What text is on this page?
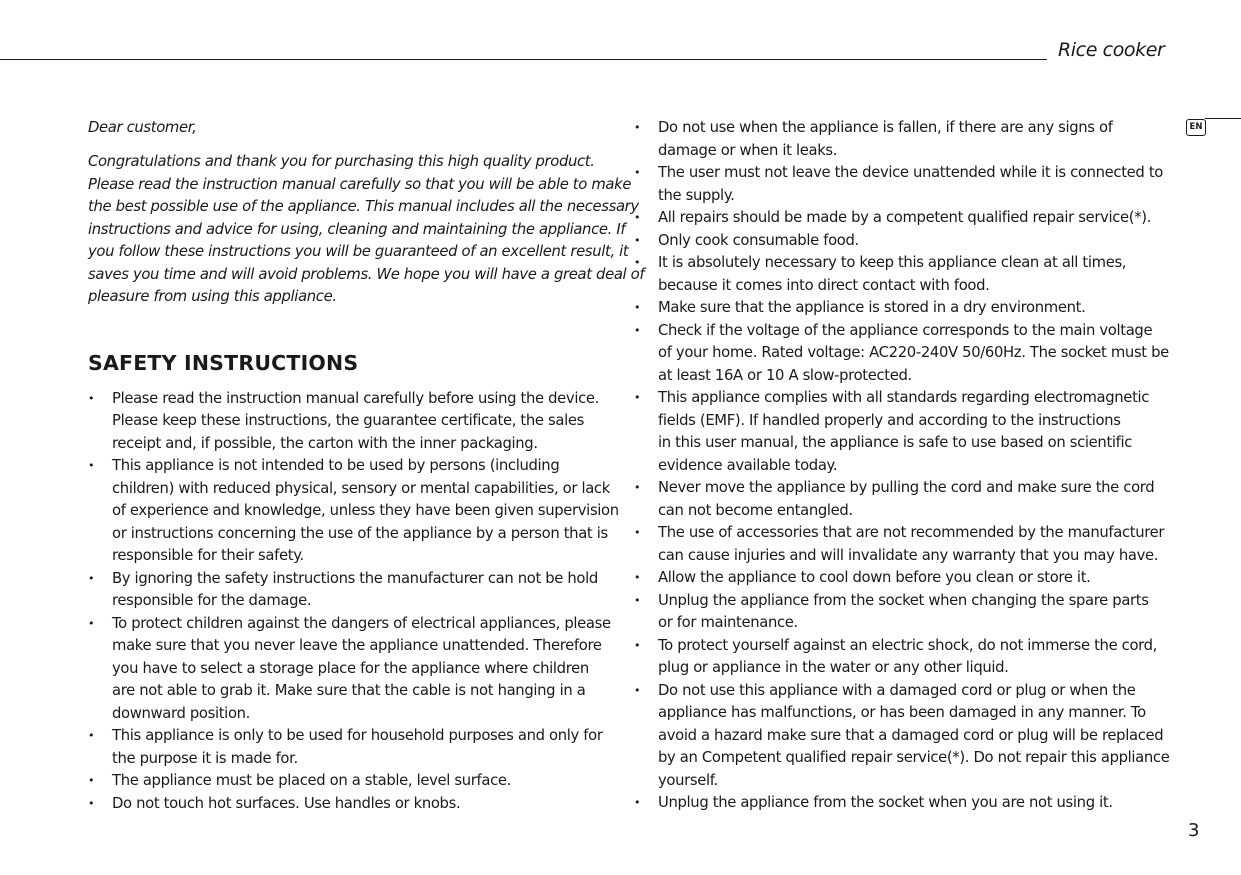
Rice cooker
EN

Dear customer,

Congratulations and thank you for purchasing this high quality product.
Please read the instruction manual carefully so that you will be able to make
the best possible use of the appliance. This manual includes all the necessary
instructions and advice for using, cleaning and maintaining the appliance. If
you follow these instructions you will be guaranteed of an excellent result, it
saves you time and will avoid problems. We hope you will have a great deal of
pleasure from using this appliance.

SAFETY INSTRUCTIONS
• Please read the instruction manual carefully before using the device.
Please keep these instructions, the guarantee certificate, the sales
receipt and, if possible, the carton with the inner packaging.
• This appliance is not intended to be used by persons (including
children) with reduced physical, sensory or mental capabilities, or lack
of experience and knowledge, unless they have been given supervision
or instructions concerning the use of the appliance by a person that is
responsible for their safety.
• By ignoring the safety instructions the manufacturer can not be hold
responsible for the damage.
• To protect children against the dangers of electrical appliances, please
make sure that you never leave the appliance unattended. Therefore
you have to select a storage place for the appliance where children
are not able to grab it. Make sure that the cable is not hanging in a
downward position.
• This appliance is only to be used for household purposes and only for
the purpose it is made for.
• The appliance must be placed on a stable, level surface.
• Do not touch hot surfaces. Use handles or knobs.
• Do not use when the appliance is fallen, if there are any signs of
damage or when it leaks.
• The user must not leave the device unattended while it is connected to
the supply.
• All repairs should be made by a competent qualified repair service(*).
• Only cook consumable food.
• It is absolutely necessary to keep this appliance clean at all times,
because it comes into direct contact with food.
• Make sure that the appliance is stored in a dry environment.
• Check if the voltage of the appliance corresponds to the main voltage
of your home. Rated voltage: AC220-240V 50/60Hz. The socket must be
at least 16A or 10 A slow-protected.
• This appliance complies with all standards regarding electromagnetic
fields (EMF). If handled properly and according to the instructions
in this user manual, the appliance is safe to use based on scientific
evidence available today.
• Never move the appliance by pulling the cord and make sure the cord
can not become entangled.
• The use of accessories that are not recommended by the manufacturer
can cause injuries and will invalidate any warranty that you may have.
• Allow the appliance to cool down before you clean or store it.
• Unplug the appliance from the socket when changing the spare parts
or for maintenance.
• To protect yourself against an electric shock, do not immerse the cord,
plug or appliance in the water or any other liquid.
• Do not use this appliance with a damaged cord or plug or when the
appliance has malfunctions, or has been damaged in any manner. To
avoid a hazard make sure that a damaged cord or plug will be replaced
by an Competent qualified repair service(*). Do not repair this appliance
yourself.
• Unplug the appliance from the socket when you are not using it.
3
